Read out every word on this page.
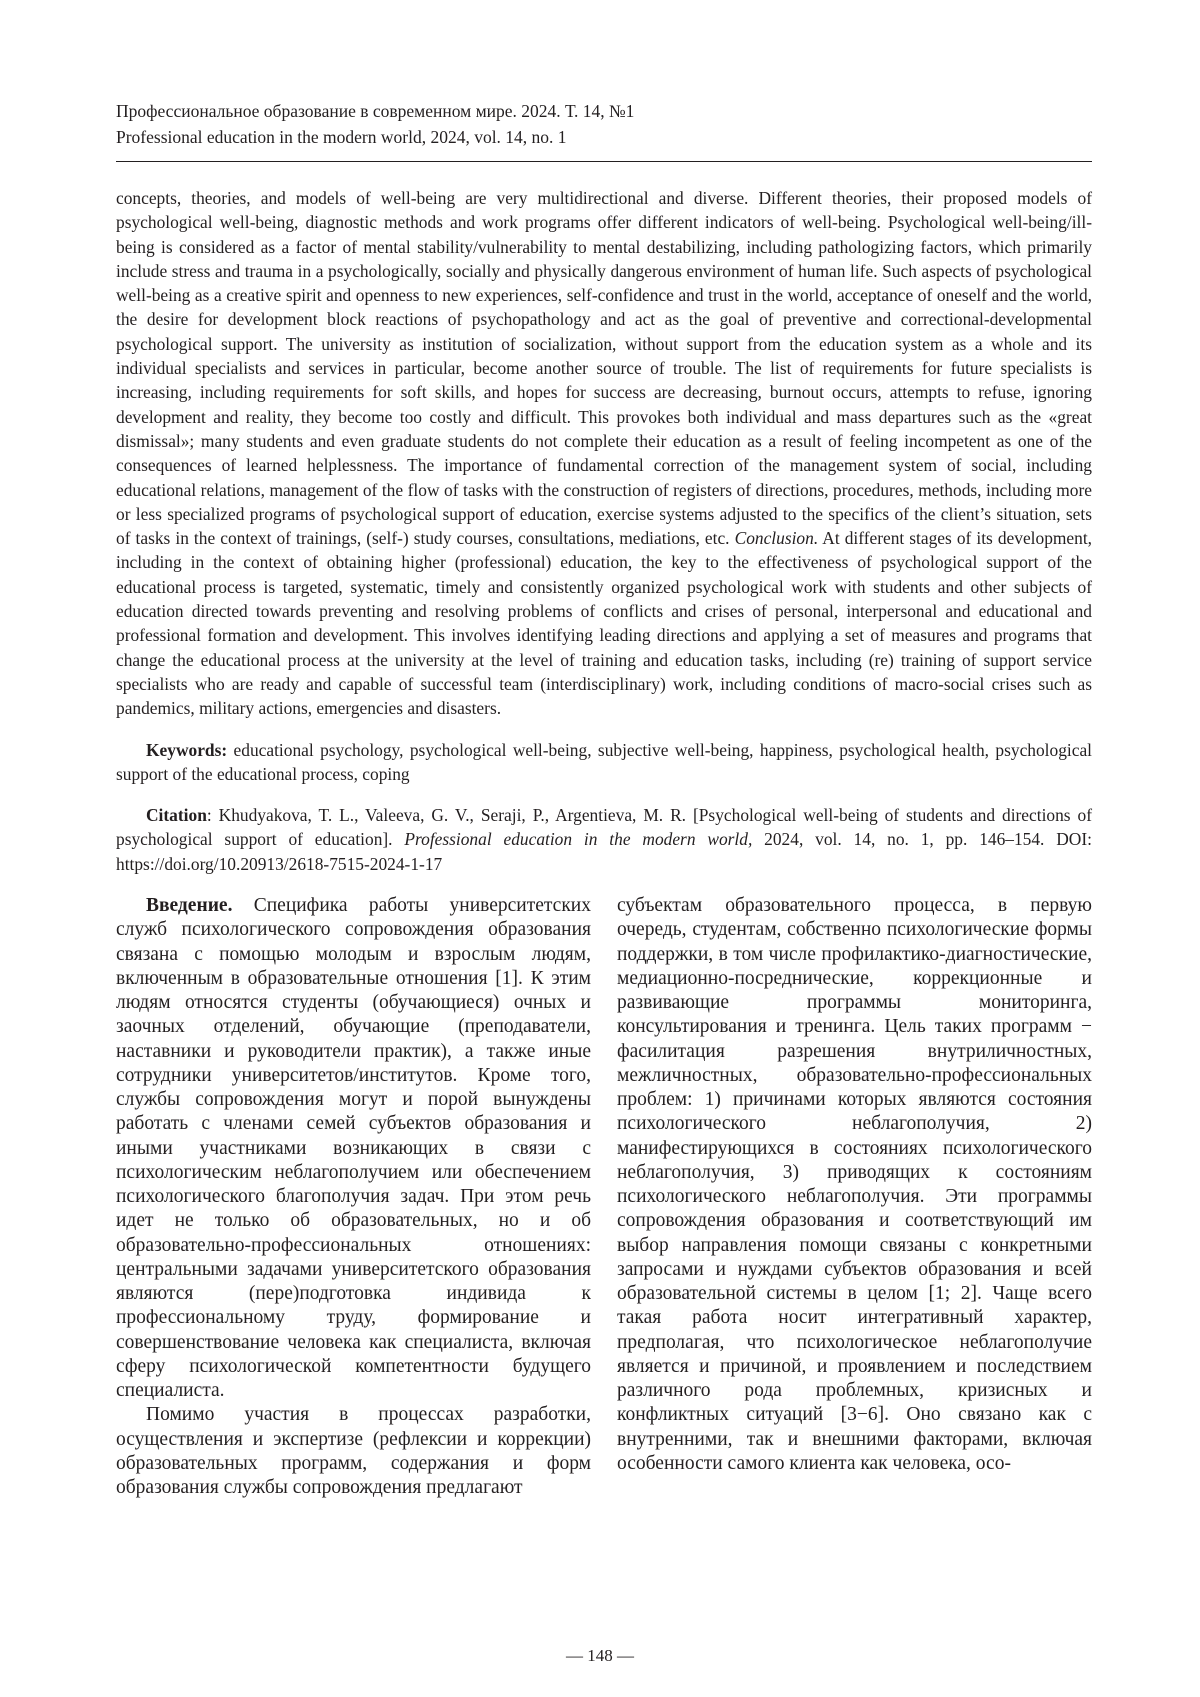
Профессиональное образование в современном мире. 2024. Т. 14, №1
Professional education in the modern world, 2024, vol. 14, no. 1

concepts, theories, and models of well-being are very multidirectional and diverse. Different theories, their proposed models of psychological well-being, diagnostic methods and work programs offer different indicators of well-being. Psychological well-being/ill-being is considered as a factor of mental stability/vulnerability to mental destabilizing, including pathologizing factors, which primarily include stress and trauma in a psychologically, socially and physically dangerous environment of human life. Such aspects of psychological well-being as a creative spirit and openness to new experiences, self-confidence and trust in the world, acceptance of oneself and the world, the desire for development block reactions of psychopathology and act as the goal of preventive and correctional-developmental psychological support. The university as institution of socialization, without support from the education system as a whole and its individual specialists and services in particular, become another source of trouble. The list of requirements for future specialists is increasing, including requirements for soft skills, and hopes for success are decreasing, burnout occurs, attempts to refuse, ignoring development and reality, they become too costly and difficult. This provokes both individual and mass departures such as the «great dismissal»; many students and even graduate students do not complete their education as a result of feeling incompetent as one of the consequences of learned helplessness. The importance of fundamental correction of the management system of social, including educational relations, management of the flow of tasks with the construction of registers of directions, procedures, methods, including more or less specialized programs of psychological support of education, exercise systems adjusted to the specifics of the client’s situation, sets of tasks in the context of trainings, (self-) study courses, consultations, mediations, etc. Conclusion. At different stages of its development, including in the context of obtaining higher (professional) education, the key to the effectiveness of psychological support of the educational process is targeted, systematic, timely and consistently organized psychological work with students and other subjects of education directed towards preventing and resolving problems of conflicts and crises of personal, interpersonal and educational and professional formation and development. This involves identifying leading directions and applying a set of measures and programs that change the educational process at the university at the level of training and education tasks, including (re) training of support service specialists who are ready and capable of successful team (interdisciplinary) work, including conditions of macro-social crises such as pandemics, military actions, emergencies and disasters.

Keywords: educational psychology, psychological well-being, subjective well-being, happiness, psychological health, psychological support of the educational process, coping

Citation: Khudyakova, T. L., Valeeva, G. V., Seraji, P., Argentieva, M. R. [Psychological well-being of students and directions of psychological support of education]. Professional education in the modern world, 2024, vol. 14, no. 1, pp. 146–154. DOI: https://doi.org/10.20913/2618-7515-2024-1-17

Введение. Специфика работы университетских служб психологического сопровождения образования связана с помощью молодым и взрослым людям, включенным в образовательные отношения [1]. К этим людям относятся студенты (обучающиеся) очных и заочных отделений, обучающие (преподаватели, наставники и руководители практик), а также иные сотрудники университетов/институтов. Кроме того, службы сопровождения могут и порой вынуждены работать с членами семей субъектов образования и иными участниками возникающих в связи с психологическим неблагополучием или обеспечением психологического благополучия задач. При этом речь идет не только об образовательных, но и об образовательно-профессиональных отношениях: центральными задачами университетского образования являются (пере)подготовка индивида к профессиональному труду, формирование и совершенствование человека как специалиста, включая сферу психологической компетентности будущего специалиста.

Помимо участия в процессах разработки, осуществления и экспертизе (рефлексии и коррекции) образовательных программ, содержания и форм образования службы сопровождения предлагают

субъектам образовательного процесса, в первую очередь, студентам, собственно психологические формы поддержки, в том числе профилактико-диагностические, медиационно-посреднические, коррекционные и развивающие программы мониторинга, консультирования и тренинга. Цель таких программ − фасилитация разрешения внутриличностных, межличностных, образовательно-профессиональных проблем: 1) причинами которых являются состояния психологического неблагополучия, 2) манифестирующихся в состояниях психологического неблагополучия, 3) приводящих к состояниям психологического неблагополучия. Эти программы сопровождения образования и соответствующий им выбор направления помощи связаны с конкретными запросами и нуждами субъектов образования и всей образовательной системы в целом [1; 2]. Чаще всего такая работа носит интегративный характер, предполагая, что психологическое неблагополучие является и причиной, и проявлением и последствием различного рода проблемных, кризисных и конфликтных ситуаций [3−6]. Оно связано как с внутренними, так и внешними факторами, включая особенности самого клиента как человека, осо-

— 148 —
